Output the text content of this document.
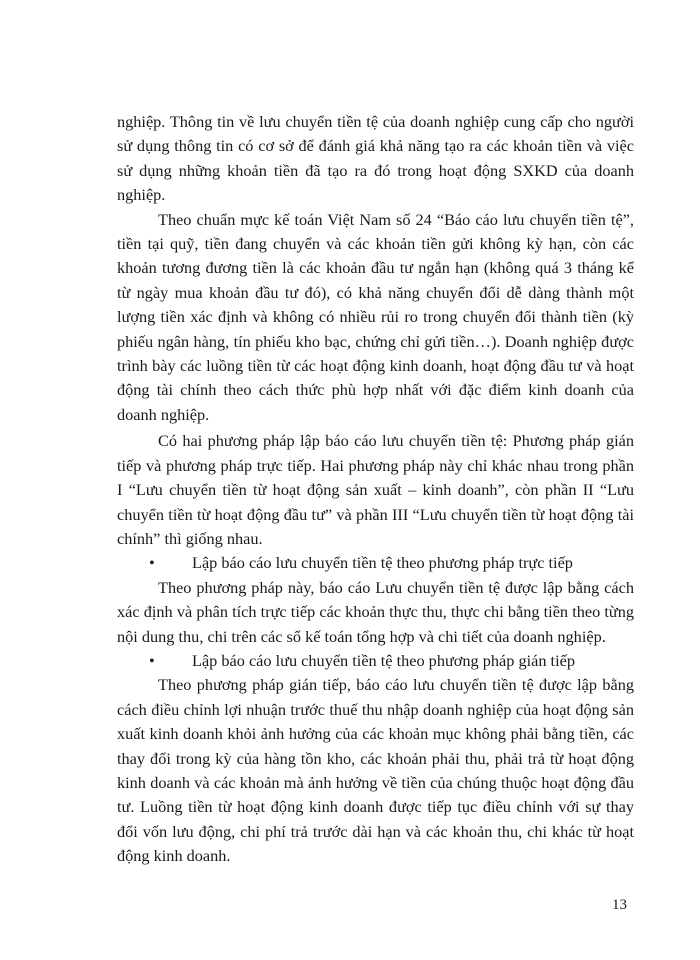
nghiệp. Thông tin về lưu chuyển tiền tệ của doanh nghiệp cung cấp cho người sử dụng thông tin có cơ sở để đánh giá khả năng tạo ra các khoản tiền và việc sử dụng những khoản tiền đã tạo ra đó trong hoạt động SXKD của doanh nghiệp.

Theo chuẩn mực kế toán Việt Nam số 24 “Báo cáo lưu chuyển tiền tệ”, tiền tại quỹ, tiền đang chuyển và các khoản tiền gửi không kỳ hạn, còn các khoản tương đương tiền là các khoản đầu tư ngắn hạn (không quá 3 tháng kể từ ngày mua khoản đầu tư đó), có khả năng chuyển đổi dễ dàng thành một lượng tiền xác định và không có nhiều rủi ro trong chuyển đổi thành tiền (kỳ phiếu ngân hàng, tín phiếu kho bạc, chứng chỉ gửi tiền…). Doanh nghiệp được trình bày các luồng tiền từ các hoạt động kinh doanh, hoạt động đầu tư và hoạt động tài chính theo cách thức phù hợp nhất với đặc điểm kinh doanh của doanh nghiệp.

Có hai phương pháp lập báo cáo lưu chuyển tiền tệ: Phương pháp gián tiếp và phương pháp trực tiếp. Hai phương pháp này chỉ khác nhau trong phần I “Lưu chuyển tiền từ hoạt động sản xuất – kinh doanh”, còn phần II “Lưu chuyển tiền từ hoạt động đầu tư” và phần III “Lưu chuyển tiền từ hoạt động tài chính” thì giống nhau.

• Lập báo cáo lưu chuyển tiền tệ theo phương pháp trực tiếp

Theo phương pháp này, báo cáo Lưu chuyển tiền tệ được lập bằng cách xác định và phân tích trực tiếp các khoản thực thu, thực chi bằng tiền theo từng nội dung thu, chi trên các sổ kế toán tổng hợp và chi tiết của doanh nghiệp.

• Lập báo cáo lưu chuyển tiền tệ theo phương pháp gián tiếp

Theo phương pháp gián tiếp, báo cáo lưu chuyển tiền tệ được lập bằng cách điều chỉnh lợi nhuận trước thuế thu nhập doanh nghiệp của hoạt động sản xuất kinh doanh khỏi ảnh hưởng của các khoản mục không phải bằng tiền, các thay đổi trong kỳ của hàng tồn kho, các khoản phải thu, phải trả từ hoạt động kinh doanh và các khoản mà ảnh hưởng về tiền của chúng thuộc hoạt động đầu tư. Luồng tiền từ hoạt động kinh doanh được tiếp tục điều chỉnh với sự thay đổi vốn lưu động, chi phí trả trước dài hạn và các khoản thu, chi khác từ hoạt động kinh doanh.

13
